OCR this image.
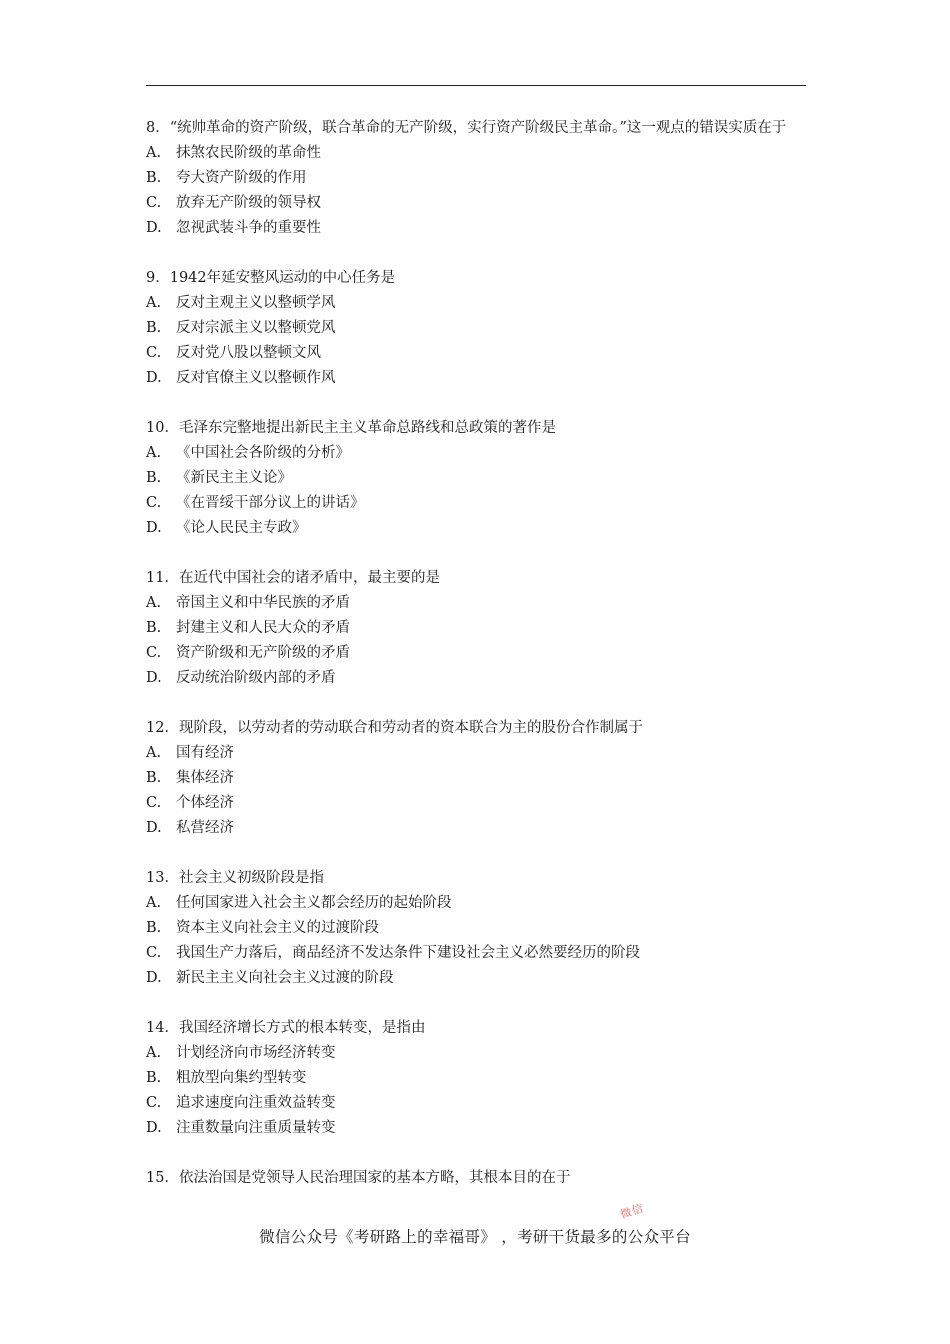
8．“统帅革命的资产阶级，联合革命的无产阶级，实行资产阶级民主革命。”这一观点的错误实质在于
A.	抹煞农民阶级的革命性
B.	夸大资产阶级的作用
C.	放弃无产阶级的领导权
D. 忽视武装斗争的重要性
9．1942年延安整风运动的中心任务是
A.	反对主观主义以整顿学风
B.	反对宗派主义以整顿党风
C.	反对党八股以整顿文风
D. 反对官僚主义以整顿作风
10．毛泽东完整地提出新民主主义革命总路线和总政策的著作是
A.	《中国社会各阶级的分析》
B.	《新民主主义论》
C.	《在晋绥干部分议上的讲话》
D. 《论人民民主专政》
11．在近代中国社会的诸矛盾中，最主要的是
A.	帝国主义和中华民族的矛盾
B.	封建主义和人民大众的矛盾
C.	资产阶级和无产阶级的矛盾
D. 反动统治阶级内部的矛盾
12．现阶段，以劳动者的劳动联合和劳动者的资本联合为主的股份合作制属于
A.	国有经济
B.	集体经济
C.	个体经济
D. 私营经济
13．社会主义初级阶段是指
A.	任何国家进入社会主义都会经历的起始阶段
B.	资本主义向社会主义的过渡阶段
C.	我国生产力落后，商品经济不发达条件下建设社会主义必然要经历的阶段
D. 新民主主义向社会主义过渡的阶段
14．我国经济增长方式的根本转变，是指由
A.	计划经济向市场经济转变
B.	粗放型向集约型转变
C.	追求速度向注重效益转变
D. 注重数量向注重质量转变
15．依法治国是党领导人民治理国家的基本方略，其根本目的在于
微信
微信公众号《考研路上的幸福哥》 ，考研干货最多的公众平台
